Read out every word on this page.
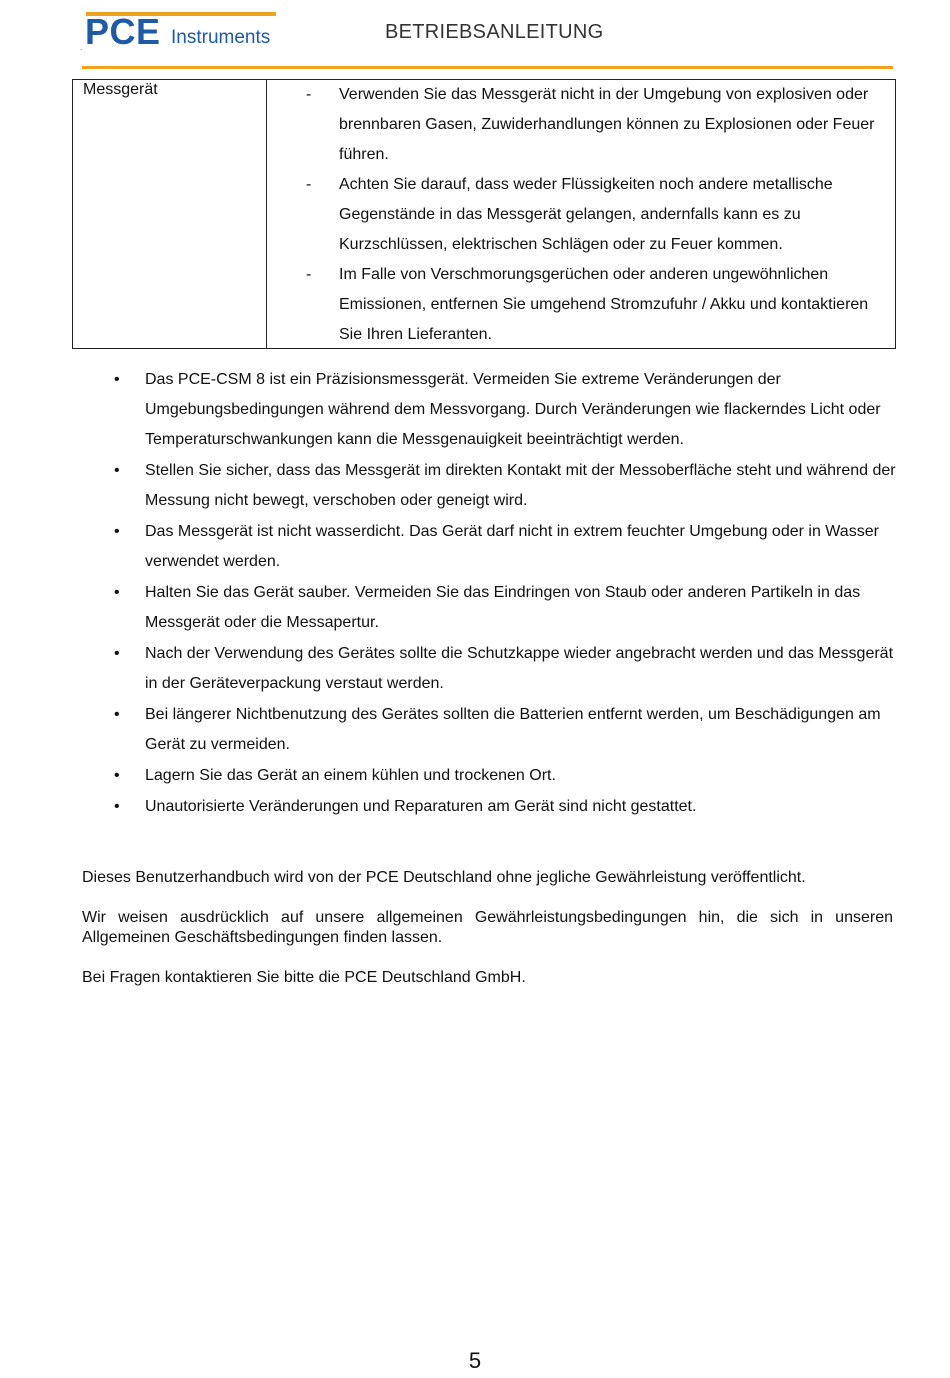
. PCE Instruments	BETRIEBSANLEITUNG
Messgerät	- Verwenden Sie das Messgerät nicht in der Umgebung von explosiven oder brennbaren Gasen, Zuwiderhandlungen können zu Explosionen oder Feuer führen.
- Achten Sie darauf, dass weder Flüssigkeiten noch andere metallische Gegenstände in das Messgerät gelangen, andernfalls kann es zu Kurzschlüssen, elektrischen Schlägen oder zu Feuer kommen.
- Im Falle von Verschmorungsgerüchen oder anderen ungewöhnlichen Emissionen, entfernen Sie umgehend Stromzufuhr / Akku und kontaktieren Sie Ihren Lieferanten.
• Das PCE-CSM 8 ist ein Präzisionsmessgerät. Vermeiden Sie extreme Veränderungen der Umgebungsbedingungen während dem Messvorgang. Durch Veränderungen wie flackerndes Licht oder Temperaturschwankungen kann die Messgenauigkeit beeinträchtigt werden.
• Stellen Sie sicher, dass das Messgerät im direkten Kontakt mit der Messoberfläche steht und während der Messung nicht bewegt, verschoben oder geneigt wird.
• Das Messgerät ist nicht wasserdicht. Das Gerät darf nicht in extrem feuchter Umgebung oder in Wasser verwendet werden.
• Halten Sie das Gerät sauber. Vermeiden Sie das Eindringen von Staub oder anderen Partikeln in das Messgerät oder die Messapertur.
• Nach der Verwendung des Gerätes sollte die Schutzkappe wieder angebracht werden und das Messgerät in der Geräteverpackung verstaut werden.
• Bei längerer Nichtbenutzung des Gerätes sollten die Batterien entfernt werden, um Beschädigungen am Gerät zu vermeiden.
• Lagern Sie das Gerät an einem kühlen und trockenen Ort.
• Unautorisierte Veränderungen und Reparaturen am Gerät sind nicht gestattet.

Dieses Benutzerhandbuch wird von der PCE Deutschland ohne jegliche Gewährleistung veröffentlicht.

Wir weisen ausdrücklich auf unsere allgemeinen Gewährleistungsbedingungen hin, die sich in unseren Allgemeinen Geschäftsbedingungen finden lassen.

Bei Fragen kontaktieren Sie bitte die PCE Deutschland GmbH.

5
